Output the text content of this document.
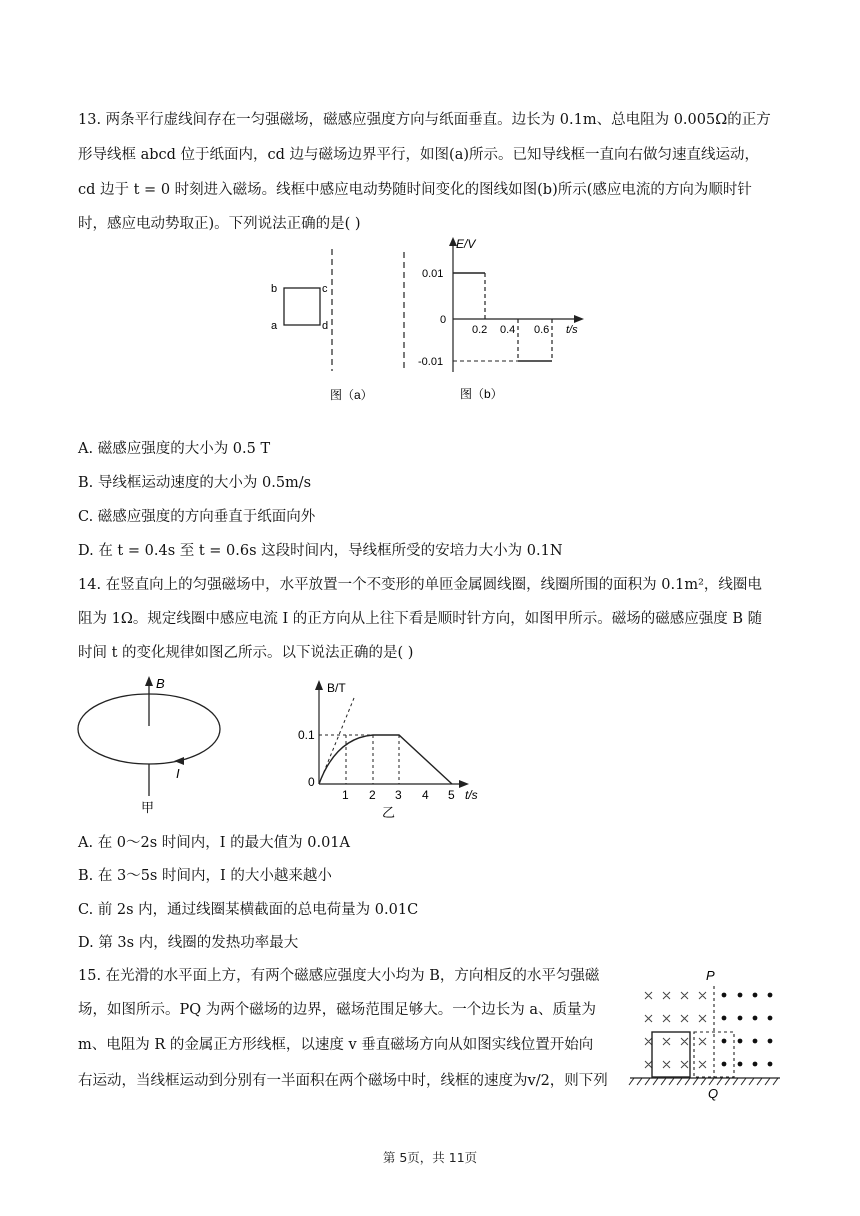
13. 两条平行虚线间存在一匀强磁场，磁感应强度方向与纸面垂直。边长为 0.1m、总电阻为 0.005Ω的正方
形导线框 abcd 位于纸面内，cd 边与磁场边界平行，如图(a)所示。已知导线框一直向右做匀速直线运动，
cd 边于 t = 0 时刻进入磁场。线框中感应电动势随时间变化的图线如图(b)所示(感应电流的方向为顺时针
时，感应电动势取正)。下列说法正确的是( )
b	c
a	d
图（a）
E/V
0.01
0
-0.01
0.2 0.4 0.6 t/s
图（b）
A. 磁感应强度的大小为 0.5 T
B. 导线框运动速度的大小为 0.5m/s
C. 磁感应强度的方向垂直于纸面向外
D. 在 t = 0.4s 至 t = 0.6s 这段时间内，导线框所受的安培力大小为 0.1N
14. 在竖直向上的匀强磁场中，水平放置一个不变形的单匝金属圆线圈，线圈所围的面积为 0.1m²，线圈电
阻为 1Ω。规定线圈中感应电流 I 的正方向从上往下看是顺时针方向，如图甲所示。磁场的磁感应强度 B 随
时间 t 的变化规律如图乙所示。以下说法正确的是( )
B
I
甲
B/T
0.1
0
1 2 3 4 5 t/s
乙
A. 在 0～2s 时间内，I 的最大值为 0.01A
B. 在 3～5s 时间内，I 的大小越来越小
C. 前 2s 内，通过线圈某横截面的总电荷量为 0.01C
D. 第 3s 内，线圈的发热功率最大
15. 在光滑的水平面上方，有两个磁感应强度大小均为 B，方向相反的水平匀强磁
场，如图所示。PQ 为两个磁场的边界，磁场范围足够大。一个边长为 a、质量为
m、电阻为 R 的金属正方形线框，以速度 v 垂直磁场方向从如图实线位置开始向
右运动，当线框运动到分别有一半面积在两个磁场中时，线框的速度为v/2，则下列
P
Q
第 5页，共 11页
